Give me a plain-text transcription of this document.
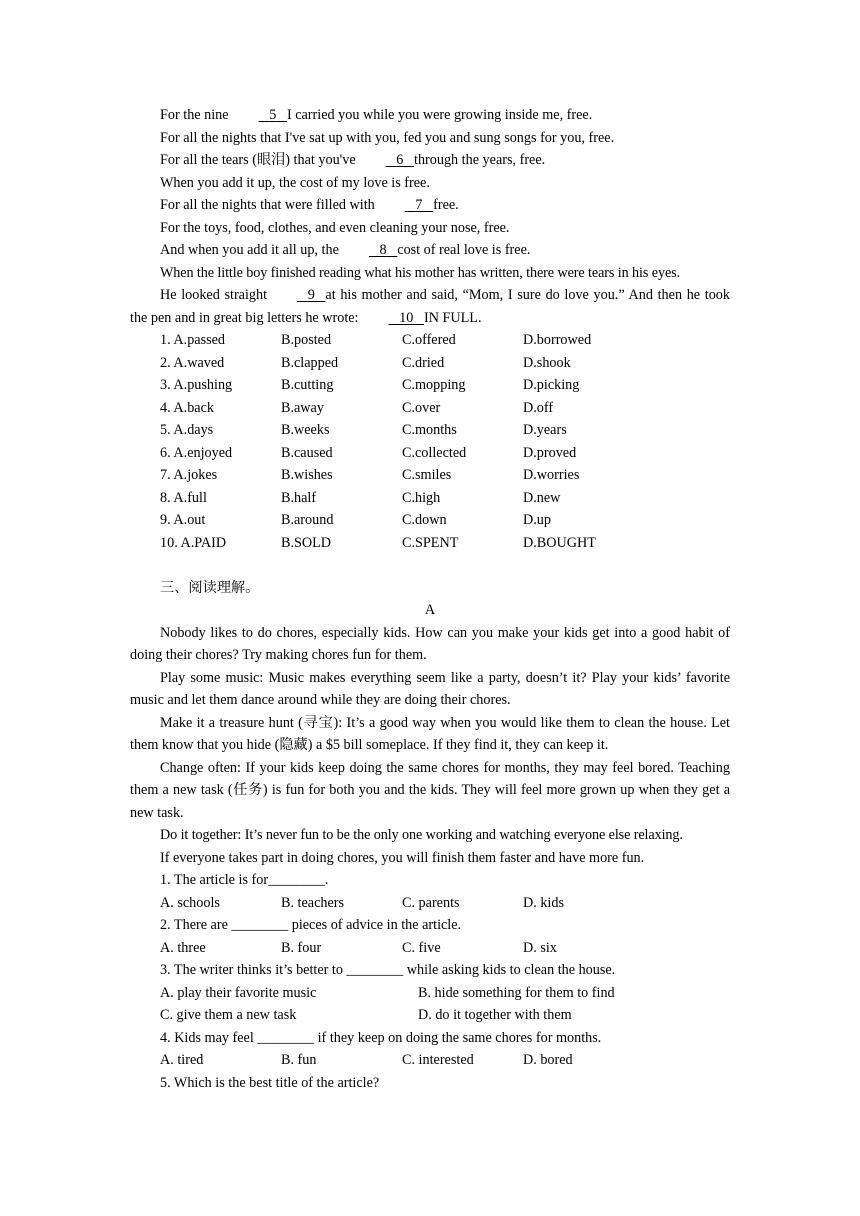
For the nine	5 I carried you while you were growing inside me, free.

For all the nights that I've sat up with you, fed you and sung songs for you, free.

For all the tears (眼泪) that you've	6 through the years, free.

When you add it up, the cost of my love is free.

For all the nights that were filled with	7 free.

For the toys, food, clothes, and even cleaning your nose, free.

And when you add it all up, the	8 cost of real love is free.

When the little boy finished reading what his mother has written, there were tears in his eyes.

He looked straight	9 at his mother and said, “Mom, I sure do love you.” And then he took the pen and in great big letters he wrote:	10 IN FULL.

1. A.passed	B.posted	C.offered	D.borrowed
2. A.waved	B.clapped	C.dried	D.shook
3. A.pushing	B.cutting	C.mopping	D.picking
4. A.back	B.away	C.over	D.off
5. A.days	B.weeks	C.months	D.years
6. A.enjoyed	B.caused	C.collected	D.proved
7. A.jokes	B.wishes	C.smiles	D.worries
8. A.full	B.half	C.high	D.new
9. A.out	B.around	C.down	D.up
10. A.PAID	B.SOLD	C.SPENT	D.BOUGHT

三、阅读理解。

A

Nobody likes to do chores, especially kids. How can you make your kids get into a good habit of doing their chores? Try making chores fun for them.

Play some music: Music makes everything seem like a party, doesn’t it? Play your kids’ favorite music and let them dance around while they are doing their chores.

Make it a treasure hunt (寻宝): It’s a good way when you would like them to clean the house. Let them know that you hide (隐藏) a $5 bill someplace. If they find it, they can keep it.

Change often: If your kids keep doing the same chores for months, they may feel bored. Teaching them a new task (任务) is fun for both you and the kids. They will feel more grown up when they get a new task.

Do it together: It’s never fun to be the only one working and watching everyone else relaxing.

If everyone takes part in doing chores, you will finish them faster and have more fun.

1. The article is for________.

A. schools	B. teachers	C. parents	D. kids

2. There are ________ pieces of advice in the article.

A. three	B. four	C. five	D. six

3. The writer thinks it’s better to ________ while asking kids to clean the house.

A. play their favorite music	B. hide something for them to find
C. give them a new task	D. do it together with them

4. Kids may feel ________ if they keep on doing the same chores for months.

A. tired	B. fun	C. interested	D. bored

5. Which is the best title of the article?
